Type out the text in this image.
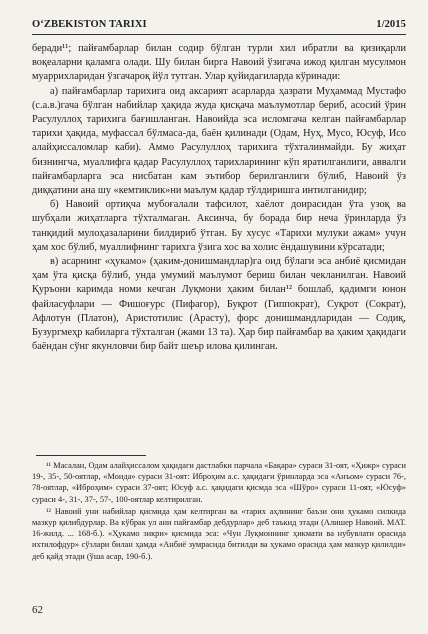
O‘ZBEKISTON TARIXI	1/2015

беради¹¹; пайғамбарлар билан содир бўлган турли хил ибратли ва қизиқарли воқеаларни қаламга олади. Шу билан бирга Навоий ўзигача ижод қилган мусулмон муаррихларидан ўзгачароқ йўл тутган. Улар қуйидагиларда кўринади:

а) пайғамбарлар тарихига оид аксарият асарларда ҳазрати Муҳаммад Мустафо (с.а.в.)гача бўлган набийлар ҳақида жуда қисқача маълумотлар бериб, асосий ўрин Расулуллоҳ тарихига бағишланган. Навоийда эса исломгача келган пайғамбарлар тарихи ҳақида, муфассал бўлмаса-да, баён қилинади (Одам, Нуҳ, Мусо, Юсуф, Исо алайҳиссаломлар каби). Аммо Расулуллоҳ тарихига тўхталинмайди. Бу жиҳат бизнингча, муаллифга қадар Расулуллоҳ тарихларининг кўп яратилганлиги, аввалги пайғамбарларга эса нисбатан кам эътибор берилганлиги бўлиб, Навоий ўз диққатини ана шу «кемтиклик»ни маълум қадар тўлдиришга интилганидир;

б) Навоий ортиқча мубоғалали тафсилот, хаёлот доирасидан ўта узоқ ва шубҳали жиҳатларга тўхталмаган. Аксинча, бу борада бир неча ўринларда ўз танқидий мулоҳазаларини билдириб ўтган. Бу хусус «Тарихи мулуки ажам» учун ҳам хос бўлиб, муаллифнинг тарихга ўзига хос ва холис ёндашувини кўрсатади;

в) асарнинг «ҳукамо» (ҳаким-донишмандлар)га оид бўлаги эса анбиё қисмидан ҳам ўта қисқа бўлиб, унда умумий маълумот бериш билан чекланилган. Навоий Қуръони каримда номи кечган Луқмони ҳаким билан¹² бошлаб, қадимги юнон файласуфлари — Фишоғурс (Пифагор), Буқрот (Гиппократ), Суқрот (Сократ), Афлотун (Платон), Аристотилис (Арасту), форс донишмандларидан — Содиқ, Бузургмеҳр кабиларга тўхталган (жами 13 та). Ҳар бир пайғамбар ва ҳаким ҳақидаги баёндан сўнг якунловчи бир байт шеър илова қилинган.

¹¹ Масалан, Одам алайҳиссалом ҳақидаги дастлабки парчала «Бақара» сураси 31-оят, «Ҳижр» сураси 19-, 35-, 50-оятлар, «Моида» сураси 31-оят: Иброҳим а.с. ҳақидаги ўринларда эса «Анъом» сураси 76-, 78-оятлар, «Иброҳим» сураси 37-оят; Юсуф а.с. ҳақидаги қисмда эса «Шўро» сураси 11-оят, «Юсуф» сураси 4-, 31-, 37-, 57-, 100-оятлар келтирилган.

¹² Навоий уни набийлар қисмида ҳам келтирган ва «тарих аҳлининг баъзи они ҳукамо силкида мазкур қилибдурлар. Ва кўбрак ул ани пайғамбар дебдурлар» деб таъкид этади (Алишер Навоий. МАТ. 16-жилд. ... 168-б.). «Ҳукамо зикри» қисмида эса: «Чун Луқмоннинг ҳикмати ва нубувлати орасида ихтилофдур» сўзлари билан ҳамда «Анбиё зумрасида битилди ва ҳукамо орасида ҳам мазкур қилилди» деб қайд этади (ўша асар, 190-б.).

62
